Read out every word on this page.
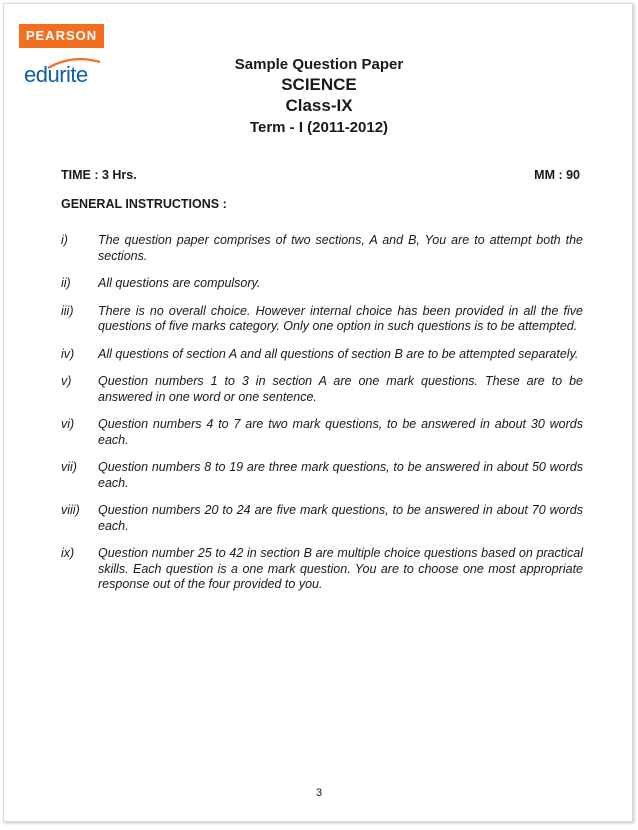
PEARSON
edurite	Sample Question Paper
SCIENCE
Class-IX
Term - I (2011-2012)
TIME : 3 Hrs.	MM : 90
GENERAL INSTRUCTIONS :
i)	The question paper comprises of two sections, A and B, You are to attempt both the sections.
ii)	All questions are compulsory.
iii)	There is no overall choice. However internal choice has been provided in all the five questions of five marks category. Only one option in such questions is to be attempted.
iv)	All questions of section A and all questions of section B are to be attempted separately.
v)	Question numbers 1 to 3 in section A are one mark questions. These are to be answered in one word or one sentence.
vi)	Question numbers 4 to 7 are two mark questions, to be answered in about 30 words each.
vii)	Question numbers 8 to 19 are three mark questions, to be answered in about 50 words each.
viii)	Question numbers 20 to 24 are five mark questions, to be answered in about 70 words each.
ix)	Question number 25 to 42 in section B are multiple choice questions based on practical skills. Each question is a one mark question. You are to choose one most appropriate response out of the four provided to you.
3
